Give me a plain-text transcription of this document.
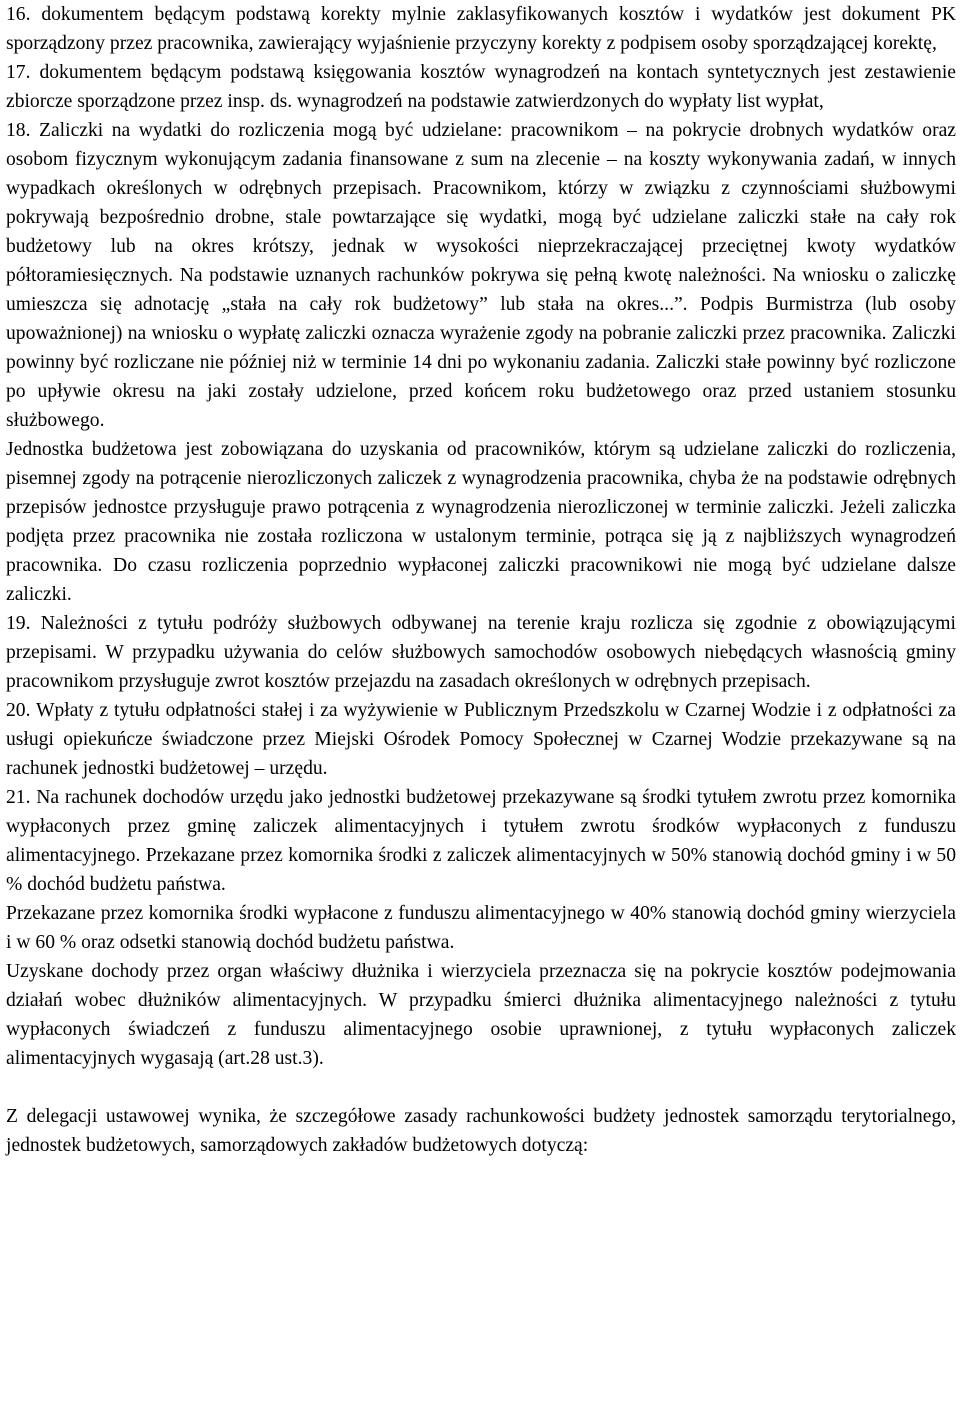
16. dokumentem będącym podstawą korekty mylnie zaklasyfikowanych kosztów i wydatków jest dokument PK sporządzony przez pracownika, zawierający wyjaśnienie przyczyny korekty z podpisem osoby sporządzającej korektę,

17. dokumentem będącym podstawą księgowania kosztów wynagrodzeń na kontach syntetycznych jest zestawienie zbiorcze sporządzone przez insp. ds. wynagrodzeń na podstawie zatwierdzonych do wypłaty list wypłat,

18. Zaliczki na wydatki do rozliczenia mogą być udzielane: pracownikom – na pokrycie drobnych wydatków oraz osobom fizycznym wykonującym zadania finansowane z sum na zlecenie – na koszty wykonywania zadań, w innych wypadkach określonych w odrębnych przepisach. Pracownikom, którzy w związku z czynnościami służbowymi pokrywają bezpośrednio drobne, stale powtarzające się wydatki, mogą być udzielane zaliczki stałe na cały rok budżetowy lub na okres krótszy, jednak w wysokości nieprzekraczającej przeciętnej kwoty wydatków półtoramiesięcznych. Na podstawie uznanych rachunków pokrywa się pełną kwotę należności. Na wniosku o zaliczkę umieszcza się adnotację „stała na cały rok budżetowy” lub stała na okres...”. Podpis Burmistrza (lub osoby upoważnionej) na wniosku o wypłatę zaliczki oznacza wyrażenie zgody na pobranie zaliczki przez pracownika. Zaliczki powinny być rozliczane nie później niż w terminie 14 dni po wykonaniu zadania. Zaliczki stałe powinny być rozliczone po upływie okresu na jaki zostały udzielone, przed końcem roku budżetowego oraz przed ustaniem stosunku służbowego.

Jednostka budżetowa jest zobowiązana do uzyskania od pracowników, którym są udzielane zaliczki do rozliczenia, pisemnej zgody na potrącenie nierozliczonych zaliczek z wynagrodzenia pracownika, chyba że na podstawie odrębnych przepisów jednostce przysługuje prawo potrącenia z wynagrodzenia nierozliczonej w terminie zaliczki. Jeżeli zaliczka podjęta przez pracownika nie została rozliczona w ustalonym terminie, potrąca się ją z najbliższych wynagrodzeń pracownika. Do czasu rozliczenia poprzednio wypłaconej zaliczki pracownikowi nie mogą być udzielane dalsze zaliczki.

19. Należności z tytułu podróży służbowych odbywanej na terenie kraju rozlicza się zgodnie z obowiązującymi przepisami. W przypadku używania do celów służbowych samochodów osobowych niebędących własnością gminy pracownikom przysługuje zwrot kosztów przejazdu na zasadach określonych w odrębnych przepisach.

20. Wpłaty z tytułu odpłatności stałej i za wyżywienie w Publicznym Przedszkolu w Czarnej Wodzie i z odpłatności za usługi opiekuńcze świadczone przez Miejski Ośrodek Pomocy Społecznej w Czarnej Wodzie przekazywane są na rachunek jednostki budżetowej – urzędu.

21. Na rachunek dochodów urzędu jako jednostki budżetowej przekazywane są środki tytułem zwrotu przez komornika wypłaconych przez gminę zaliczek alimentacyjnych i tytułem zwrotu środków wypłaconych z funduszu alimentacyjnego. Przekazane przez komornika środki z zaliczek alimentacyjnych w 50% stanowią dochód gminy i w 50 % dochód budżetu państwa.

Przekazane przez komornika środki wypłacone z funduszu alimentacyjnego w 40% stanowią dochód gminy wierzyciela i w 60 % oraz odsetki stanowią dochód budżetu państwa.

Uzyskane dochody przez organ właściwy dłużnika i wierzyciela przeznacza się na pokrycie kosztów podejmowania działań wobec dłużników alimentacyjnych. W przypadku śmierci dłużnika alimentacyjnego należności z tytułu wypłaconych świadczeń z funduszu alimentacyjnego osobie uprawnionej, z tytułu wypłaconych zaliczek alimentacyjnych wygasają (art.28 ust.3).

Z delegacji ustawowej wynika, że szczegółowe zasady rachunkowości budżety jednostek samorządu terytorialnego, jednostek budżetowych, samorządowych zakładów budżetowych dotyczą:
